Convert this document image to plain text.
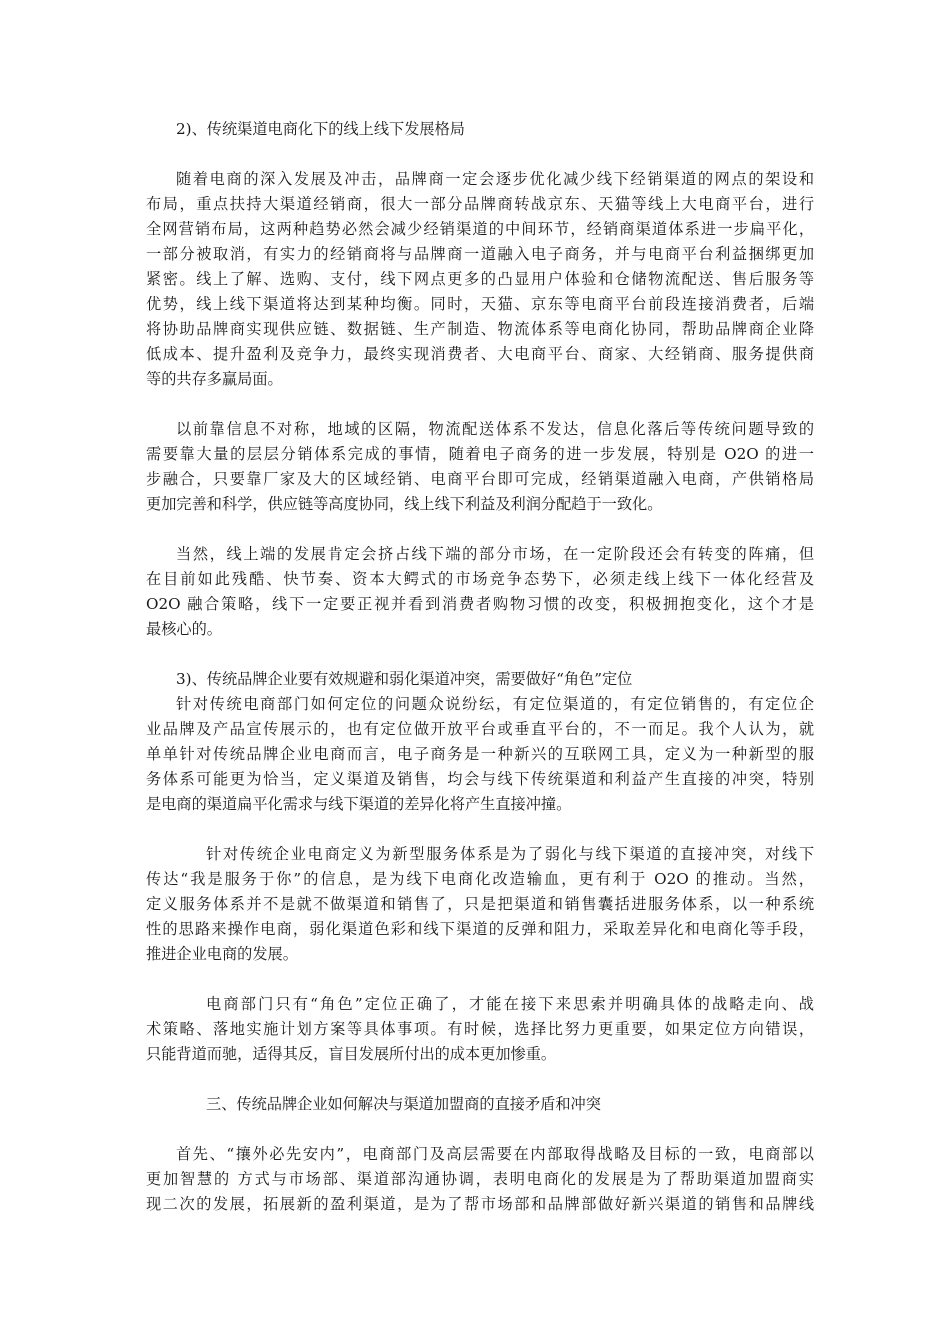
2)、传统渠道电商化下的线上线下发展格局
随着电商的深入发展及冲击，品牌商一定会逐步优化减少线下经销渠道的网点的架设和
布局，重点扶持大渠道经销商，很大一部分品牌商转战京东、天猫等线上大电商平台，进行
全网营销布局，这两种趋势必然会减少经销渠道的中间环节，经销商渠道体系进一步扁平化，
一部分被取消，有实力的经销商将与品牌商一道融入电子商务，并与电商平台利益捆绑更加
紧密。线上了解、选购、支付，线下网点更多的凸显用户体验和仓储物流配送、售后服务等
优势，线上线下渠道将达到某种均衡。同时，天猫、京东等电商平台前段连接消费者，后端
将协助品牌商实现供应链、数据链、生产制造、物流体系等电商化协同，帮助品牌商企业降
低成本、提升盈利及竞争力，最终实现消费者、大电商平台、商家、大经销商、服务提供商
等的共存多赢局面。
以前靠信息不对称，地域的区隔，物流配送体系不发达，信息化落后等传统问题导致的
需要靠大量的层层分销体系完成的事情，随着电子商务的进一步发展，特别是 O2O 的进一
步融合，只要靠厂家及大的区域经销、电商平台即可完成，经销渠道融入电商，产供销格局
更加完善和科学，供应链等高度协同，线上线下利益及利润分配趋于一致化。
当然，线上端的发展肯定会挤占线下端的部分市场，在一定阶段还会有转变的阵痛，但
在目前如此残酷、快节奏、资本大鳄式的市场竞争态势下，必须走线上线下一体化经营及
O2O 融合策略，线下一定要正视并看到消费者购物习惯的改变，积极拥抱变化，这个才是
最核心的。
3)、传统品牌企业要有效规避和弱化渠道冲突，需要做好“角色”定位
针对传统电商部门如何定位的问题众说纷纭，有定位渠道的，有定位销售的，有定位企
业品牌及产品宣传展示的，也有定位做开放平台或垂直平台的，不一而足。我个人认为，就
单单针对传统品牌企业电商而言，电子商务是一种新兴的互联网工具，定义为一种新型的服
务体系可能更为恰当，定义渠道及销售，均会与线下传统渠道和利益产生直接的冲突，特别
是电商的渠道扁平化需求与线下渠道的差异化将产生直接冲撞。
针对传统企业电商定义为新型服务体系是为了弱化与线下渠道的直接冲突，对线下
传达“我是服务于你”的信息，是为线下电商化改造输血，更有利于 O2O 的推动。当然，
定义服务体系并不是就不做渠道和销售了，只是把渠道和销售囊括进服务体系，以一种系统
性的思路来操作电商，弱化渠道色彩和线下渠道的反弹和阻力，采取差异化和电商化等手段，
推进企业电商的发展。
电商部门只有“角色”定位正确了，才能在接下来思索并明确具体的战略走向、战
术策略、落地实施计划方案等具体事项。有时候，选择比努力更重要，如果定位方向错误，
只能背道而驰，适得其反，盲目发展所付出的成本更加惨重。
三、传统品牌企业如何解决与渠道加盟商的直接矛盾和冲突
首先、“攘外必先安内”，电商部门及高层需要在内部取得战略及目标的一致，电商部以
更加智慧的 方式与市场部、渠道部沟通协调，表明电商化的发展是为了帮助渠道加盟商实
现二次的发展，拓展新的盈利渠道，是为了帮市场部和品牌部做好新兴渠道的销售和品牌线
